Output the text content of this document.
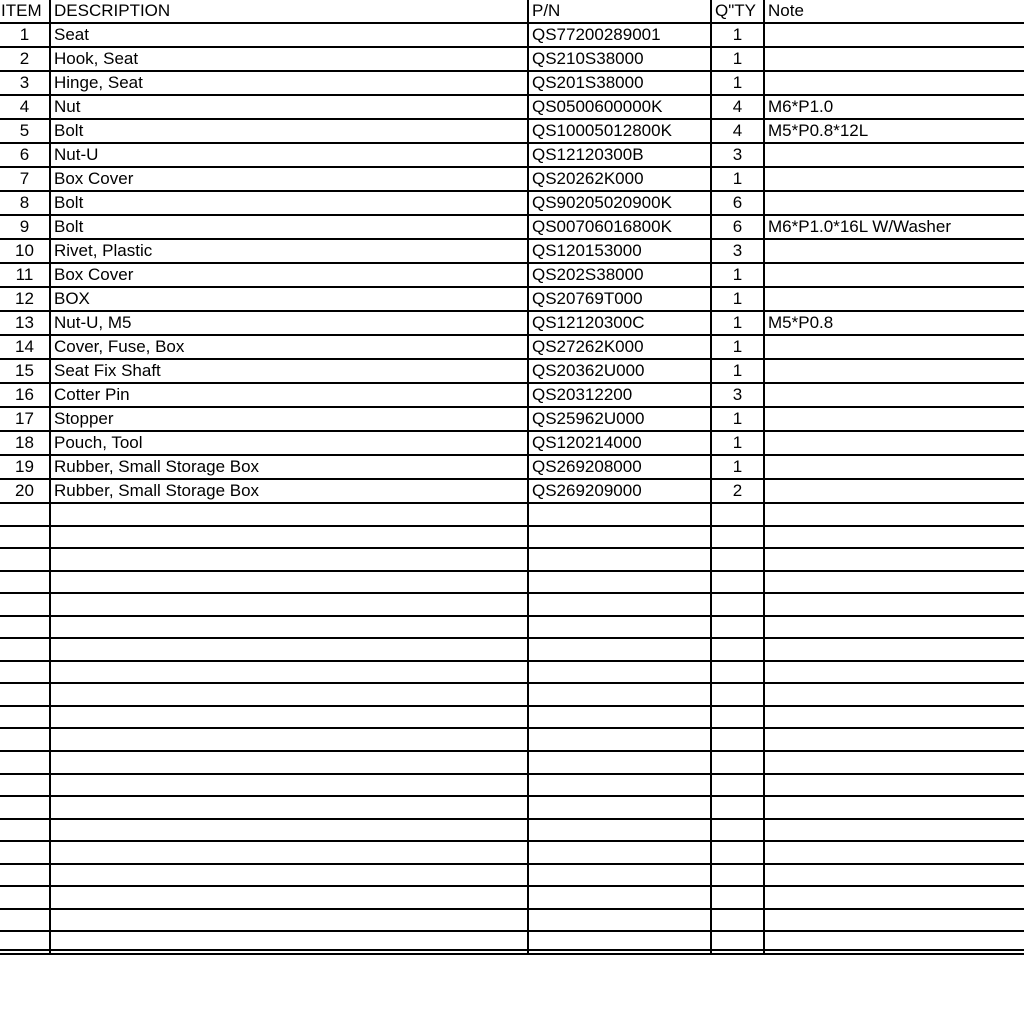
ITEM	DESCRIPTION	P/N	Q"TY	Note
1	Seat	QS77200289001	1	
2	Hook, Seat	QS210S38000	1	
3	Hinge, Seat	QS201S38000	1	
4	Nut	QS0500600000K	4	M6*P1.0
5	Bolt	QS10005012800K	4	M5*P0.8*12L
6	Nut-U	QS12120300B	3	
7	Box Cover	QS20262K000	1	
8	Bolt	QS90205020900K	6	
9	Bolt	QS00706016800K	6	M6*P1.0*16L W/Washer
10	Rivet, Plastic	QS120153000	3	
11	Box Cover	QS202S38000	1	
12	BOX	QS20769T000	1	
13	Nut-U, M5	QS12120300C	1	M5*P0.8
14	Cover, Fuse, Box	QS27262K000	1	
15	Seat Fix Shaft	QS20362U000	1	
16	Cotter Pin	QS20312200	3	
17	Stopper	QS25962U000	1	
18	Pouch, Tool	QS120214000	1	
19	Rubber, Small Storage Box	QS269208000	1	
20	Rubber, Small Storage Box	QS269209000	2	
